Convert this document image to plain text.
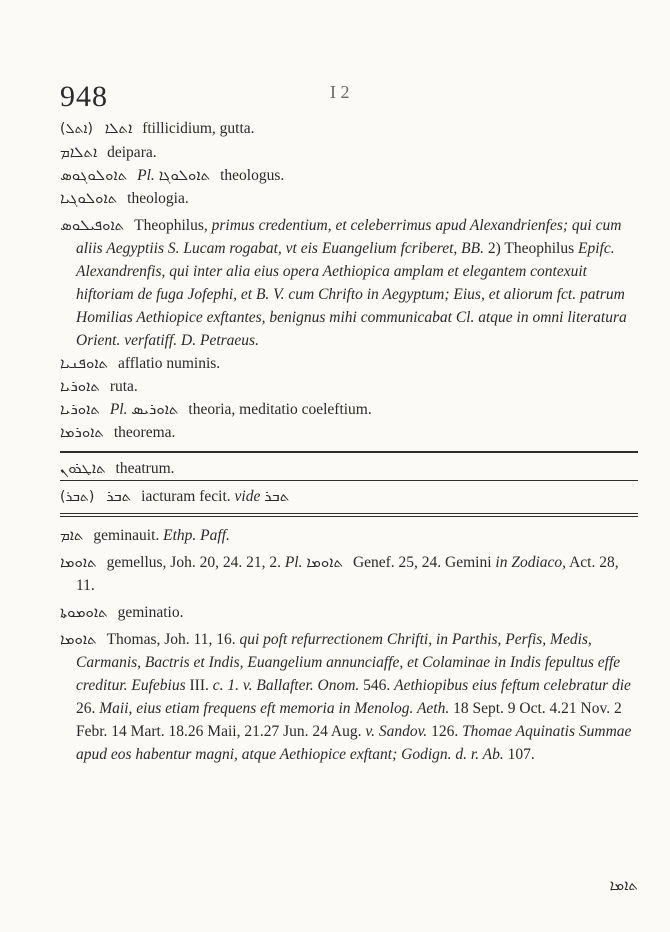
948	I 2

(ܐܬܠ) ܐܬܠܐ ftillicidium, gutta.

ܐܬܠܐܡ deipara.

ܬܐܘܠܘܓܘܣ Pl. ܬܐܘܠܘܓܐ theologus.

ܬܐܘܠܘܓܝܐ theologia.

ܬܐܘܦܝܠܘܣ Theophilus, primus credentium, et celeberrimus apud Alexandrienfes; qui cum aliis Aegyptiis S. Lucam rogabat, vt eis Euangelium fcriberet, BB. 2) Theophilus Epifc. Alexandrenfis, qui inter alia eius opera Aethiopica amplam et elegantem contexuit hiftoriam de fuga Jofephi, et B. V. cum Chrifto in Aegyptum; Eius, et aliorum fct. patrum Homilias Aethiopice exftantes, benignus mihi communicabat Cl. atque in omni literatura Orient. verfatiff. D. Petraeus.

ܬܐܘܦܢܝܐ afflatio numinis.

ܬܐܘܪܝܐ ruta.

ܬܐܘܪܝܐ Pl. ܬܐܘܪܝܣ theoria, meditatio coeleftium.

ܬܐܘܪܡܐ theorema.

ܬܐܛܪܘܢ theatrum.

(ܬܒܪ) ܬܒܪ iacturam fecit. vide ܬܒܪ

ܬܐܡ geminauit. Ethp. Paff.

ܬܐܘܡܐ gemellus, Joh. 20, 24. 21, 2. Pl. ܬܐܘܡܐ Genef. 25, 24. Gemini in Zodiaco, Act. 28, 11.

ܬܐܘܡܘܬܐ geminatio.

ܬܐܘܡܐ Thomas, Joh. 11, 16. qui poft refurrectionem Chrifti, in Parthis, Perfis, Medis, Carmanis, Bactris et Indis, Euangelium annunciaffe, et Colaminae in Indis fepultus effe creditur. Eufebius III. c. 1. v. Ballafter. Onom. 546. Aethiopibus eius feftum celebratur die 26. Maii, eius etiam frequens eft memoria in Menolog. Aeth. 18 Sept. 9 Oct. 4.21 Nov. 2 Febr. 14 Mart. 18.26 Maii, 21.27 Jun. 24 Aug. v. Sandov. 126. Thomae Aquinatis Summae apud eos habentur magni, atque Aethiopice exftant; Godign. d. r. Ab. 107.

ܬܐܡܐ
